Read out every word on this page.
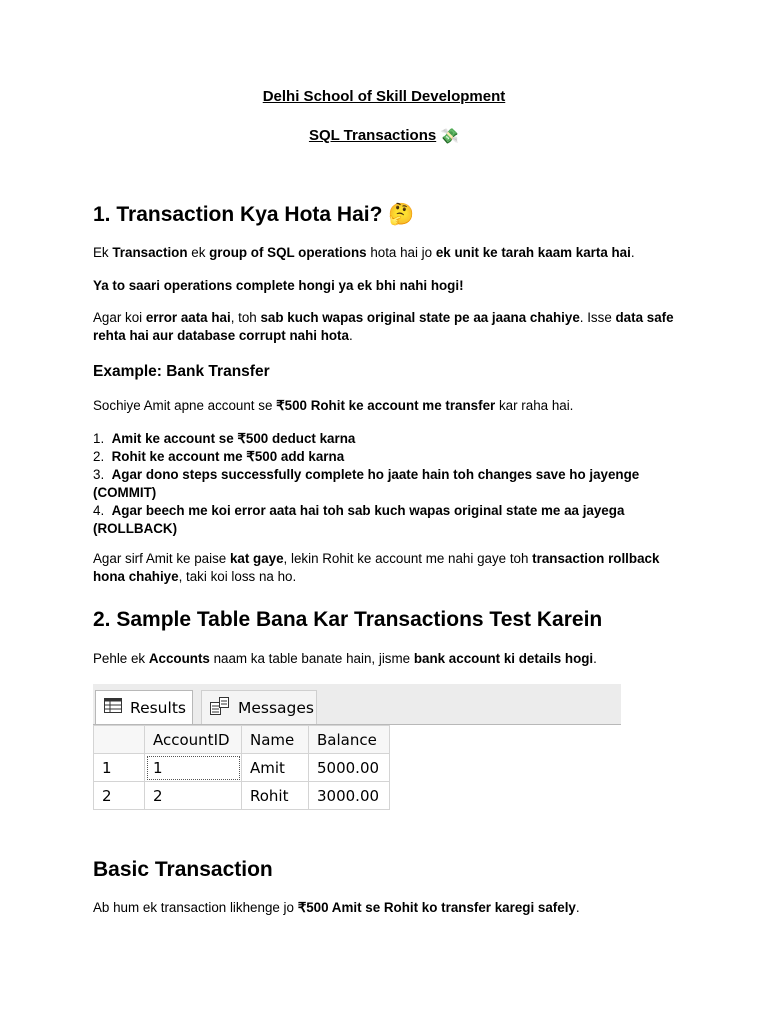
Delhi School of Skill Development
SQL Transactions 💸
1. Transaction Kya Hota Hai? 🤔
Ek Transaction ek group of SQL operations hota hai jo ek unit ke tarah kaam karta hai.
Ya to saari operations complete hongi ya ek bhi nahi hogi!
Agar koi error aata hai, toh sab kuch wapas original state pe aa jaana chahiye. Isse data safe rehta hai aur database corrupt nahi hota.
Example: Bank Transfer
Sochiye Amit apne account se ₹500 Rohit ke account me transfer kar raha hai.
1. Amit ke account se ₹500 deduct karna
2. Rohit ke account me ₹500 add karna
3. Agar dono steps successfully complete ho jaate hain toh changes save ho jayenge (COMMIT)
4. Agar beech me koi error aata hai toh sab kuch wapas original state me aa jayega (ROLLBACK)
Agar sirf Amit ke paise kat gaye, lekin Rohit ke account me nahi gaye toh transaction rollback hona chahiye, taki koi loss na ho.
2. Sample Table Bana Kar Transactions Test Karein
Pehle ek Accounts naam ka table banate hain, jisme bank account ki details hogi.
Results	Messages
	AccountID	Name	Balance
1	1	Amit	5000.00
2	2	Rohit	3000.00
Basic Transaction
Ab hum ek transaction likhenge jo ₹500 Amit se Rohit ko transfer karegi safely.
